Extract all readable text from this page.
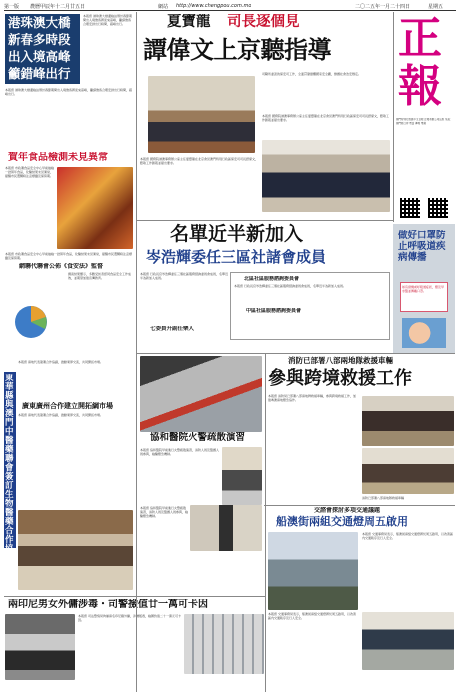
第一版 農曆甲辰年十二月廿五日	網站 http://www.chengpou.com.mo	二〇二五年一月二十四日	星期五
港珠澳大橋
新春多時段
出入境高峰
籲錯峰出行
本報訊 港珠澳大橋邊檢站預計春節期間出入境旅客將迎來高峰，籲請旅客合理安排出行時間，錯峰出行。
本報訊 港珠澳大橋邊檢站預計春節期間出入境旅客將迎來高峰，籲請旅客合理安排出行時間，錯峰出行。
賀年食品檢測未見異常
本報訊 市政署食品安全中心早前抽檢一批賀年食品，化驗結果未見異常，提醒市民選購時注意標籤及保質期。
本報訊 市政署食品安全中心早前抽檢一批賀年食品，化驗結果未見異常，提醒市民選購時注意標籤及保質期。
網聯代聯會公佈《食安法》監督
調查結果顯示，多數受訪者認同食品安全工作成效，並期望加強宣傳教育。
東華縣與澳門中醫藥聯會簽訂生物醫藥合作協議
本報訊 兩地代表簽署合作協議，推動業界交流，共同開拓市場。
廣東廣州合作建立開拓綱市場
本報訊 兩地代表簽署合作協議，推動業界交流，共同開拓市場。
夏寶龍 司長逐個見
譚偉文上京聽指導
本報訊 國務院港澳事務辦公室主任夏寶龍在北京會見澳門特別行政區保安司司長譚偉文，聽取工作匯報並提出要求。
司職所委派的保安司工作，全面貫徹總體國家安全觀，維護社會治安穩定。
本報訊 國務院港澳事務辦公室主任夏寶龍在北京會見澳門特別行政區保安司司長譚偉文，聽取工作匯報並提出要求。
正
報
澳門特別行政區中文日報 正報有限公司出版 地址：澳門新口岸 電話 傳真 電郵
名單近半新加入
岑浩輝委任三區社諸會成員
本報訊 行政長官岑浩輝委任三個社區服務諮詢委員會成員，名單近半為新加入成員。	北區社區服務諮詢委員會
本報訊 行政長官岑浩輝委任三個社區服務諮詢委員會成員，名單近半為新加入成員。
中區社區服務諮詢委員會
七委員升副任樂人
做好口罩防止呼吸道疾病傳播
如有發燒或呼吸道症狀，應及早求醫並佩戴口罩。
消防已部署八部兩地隊救援車輛
參與跨境救援工作
協和醫院火警疏散演習
本報訊 協和醫院早前進行火警疏散演習，消防人員及醫護人員參與，檢驗應急機制。
本報訊 協和醫院早前進行火警疏散演習，消防人員及醫護人員參與，檢驗應急機制。
本報訊 消防局已部署八部兩地牌救援車輛，參與跨境救援工作，加強粵澳兩地應急協作。
消防已部署八部兩地隊救援車輛
交諮會探討多項交通議題
船澳街兩組交通燈周五啟用
本報訊 交通事務局表示，船澳街兩組交通燈將於周五啟用，以改善區內交通秩序及行人安全。
本報訊 交通事務局表示，船澳街兩組交通燈將於周五啟用，以改善區內交通秩序及行人安全。
兩印尼男女外傭涉毒・司警撿值廿一萬可卡因
本報訊 司法警察局拘捕兩名印尼籍外傭，涉嫌販毒，檢獲約值二十一萬元可卡因。
